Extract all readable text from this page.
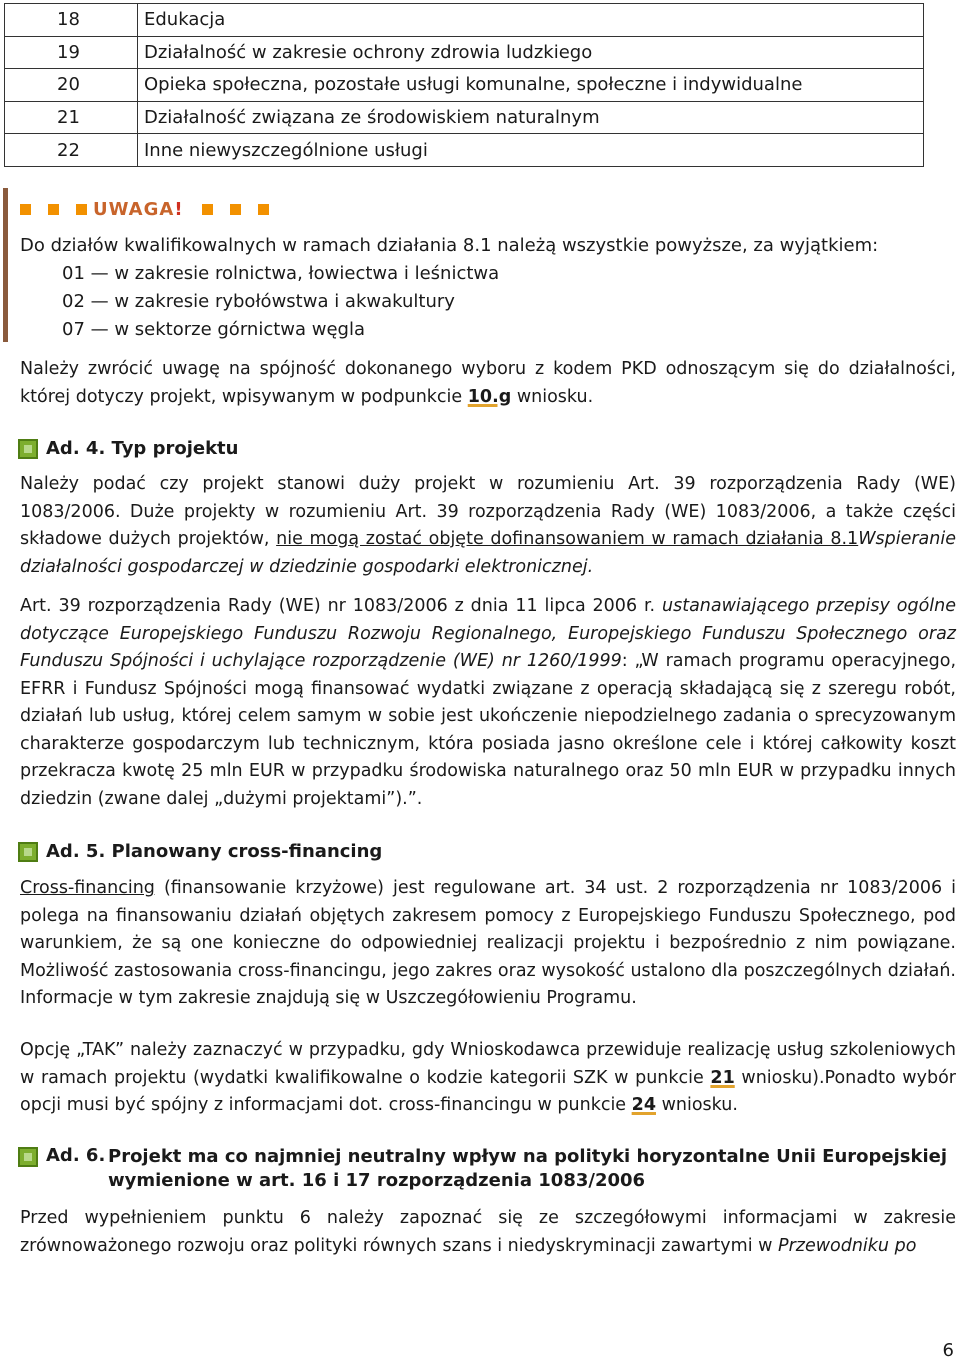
18	Edukacja
19	Działalność w zakresie ochrony zdrowia ludzkiego
20	Opieka społeczna, pozostałe usługi komunalne, społeczne i indywidualne
21	Działalność związana ze środowiskiem naturalnym
22	Inne niewyszczególnione usługi
UWAGA !
Do działów kwalifikowalnych w ramach działania 8.1 należą wszystkie powyższe, za wyjątkiem:
01 — w zakresie rolnictwa, łowiectwa i leśnictwa
02 — w zakresie rybołówstwa i akwakultury
07 — w sektorze górnictwa węgla
Należy zwrócić uwagę na spójność dokonanego wyboru z kodem PKD odnoszącym się do działalności, której dotyczy projekt, wpisywanym w podpunkcie 10.g wniosku.
Ad. 4. Typ projektu
Należy podać czy projekt stanowi duży projekt w rozumieniu Art. 39 rozporządzenia Rady (WE) 1083/2006. Duże projekty w rozumieniu Art. 39 rozporządzenia Rady (WE) 1083/2006, a także części składowe dużych projektów, nie mogą zostać objęte dofinansowaniem w ramach działania 8.1Wspieranie działalności gospodarczej w dziedzinie gospodarki elektronicznej.
Art. 39 rozporządzenia Rady (WE) nr 1083/2006 z dnia 11 lipca 2006 r. ustanawiającego przepisy ogólne dotyczące Europejskiego Funduszu Rozwoju Regionalnego, Europejskiego Funduszu Społecznego oraz Funduszu Spójności i uchylające rozporządzenie (WE) nr 1260/1999: „W ramach programu operacyjnego, EFRR i Fundusz Spójności mogą finansować wydatki związane z operacją składającą się z szeregu robót, działań lub usług, której celem samym w sobie jest ukończenie niepodzielnego zadania o sprecyzowanym charakterze gospodarczym lub technicznym, która posiada jasno określone cele i której całkowity koszt przekracza kwotę 25 mln EUR w przypadku środowiska naturalnego oraz 50 mln EUR w przypadku innych dziedzin (zwane dalej „dużymi projektami”).”.
Ad. 5. Planowany cross-financing
Cross-financing (finansowanie krzyżowe) jest regulowane art. 34 ust. 2 rozporządzenia nr 1083/2006 i polega na finansowaniu działań objętych zakresem pomocy z Europejskiego Funduszu Społecznego, pod warunkiem, że są one konieczne do odpowiedniej realizacji projektu i bezpośrednio z nim powiązane. Możliwość zastosowania cross-financingu, jego zakres oraz wysokość ustalono dla poszczególnych działań. Informacje w tym zakresie znajdują się w Uszczegółowieniu Programu.
Opcję „TAK” należy zaznaczyć w przypadku, gdy Wnioskodawca przewiduje realizację usług szkoleniowych w ramach projektu (wydatki kwalifikowalne o kodzie kategorii SZK w punkcie 21 wniosku).Ponadto wybór opcji musi być spójny z informacjami dot. cross-financingu w punkcie 24 wniosku.
Ad. 6. Projekt ma co najmniej neutralny wpływ na polityki horyzontalne Unii Europejskiej
wymienione w art. 16 i 17 rozporządzenia 1083/2006
Przed wypełnieniem punktu 6 należy zapoznać się ze szczegółowymi informacjami w zakresie zrównoważonego rozwoju oraz polityki równych szans i niedyskryminacji zawartymi w Przewodniku po
6
